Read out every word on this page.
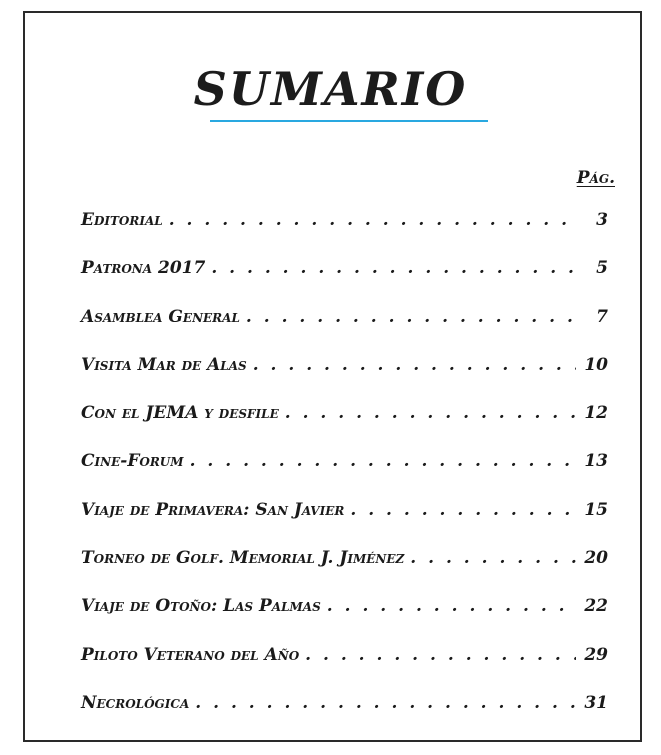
SUMARIO
Pág.
Editorial . . .	3
Patrona 2017 . . .	5
Asamblea General . . .	7
Visita Mar de Alas . . .	10
Con el JEMA y desfile . . .	12
Cine-Forum . . .	13
Viaje de Primavera: San Javier . . .	15
Torneo de Golf. Memorial J. Jiménez . . .	20
Viaje de Otoño: Las Palmas . . .	22
Piloto Veterano del Año . . .	29
Necrológica . . .	31
